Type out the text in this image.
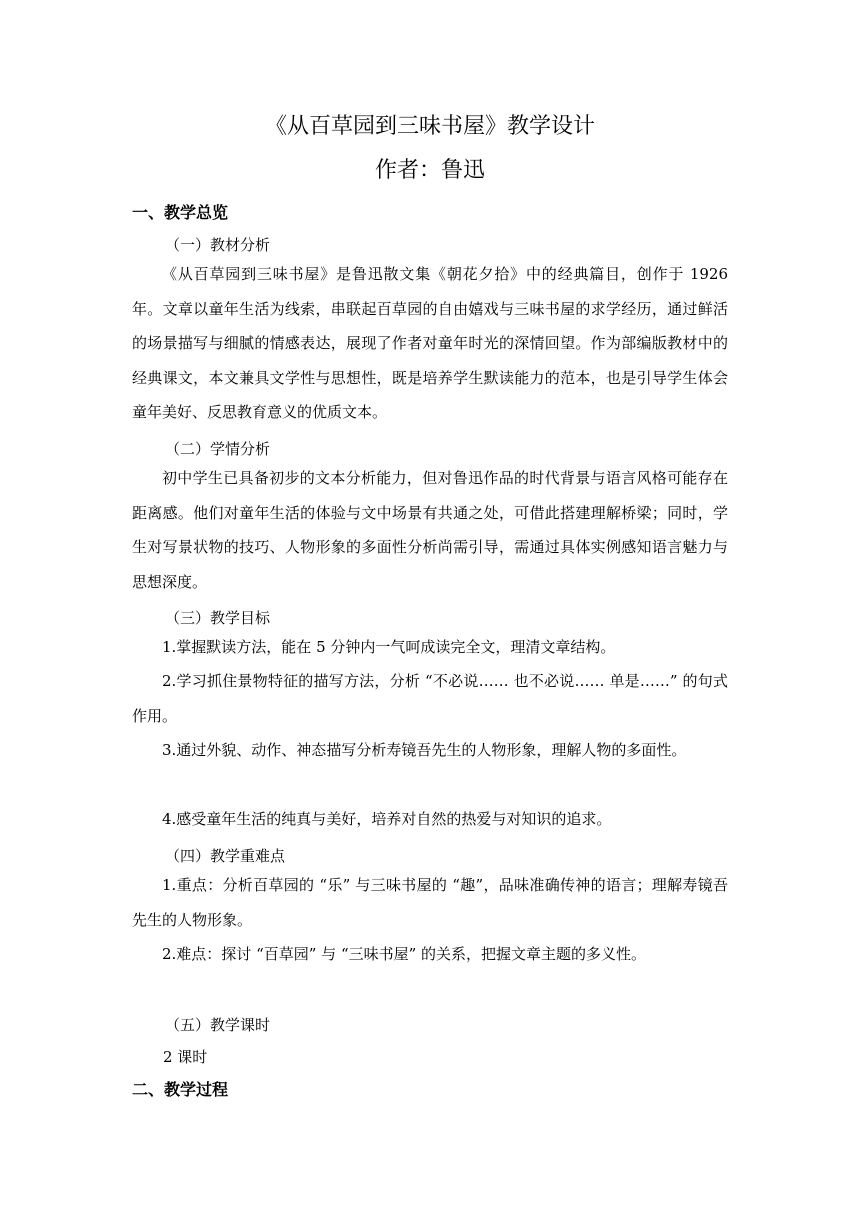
《从百草园到三味书屋》教学设计
作者：鲁迅
一、教学总览
（一）教材分析

《从百草园到三味书屋》是鲁迅散文集《朝花夕拾》中的经典篇目，创作于 1926 年。文章以童年生活为线索，串联起百草园的自由嬉戏与三味书屋的求学经历，通过鲜活的场景描写与细腻的情感表达，展现了作者对童年时光的深情回望。作为部编版教材中的经典课文，本文兼具文学性与思想性，既是培养学生默读能力的范本，也是引导学生体会童年美好、反思教育意义的优质文本。

（二）学情分析

初中学生已具备初步的文本分析能力，但对鲁迅作品的时代背景与语言风格可能存在距离感。他们对童年生活的体验与文中场景有共通之处，可借此搭建理解桥梁；同时，学生对写景状物的技巧、人物形象的多面性分析尚需引导，需通过具体实例感知语言魅力与思想深度。

（三）教学目标

1.掌握默读方法，能在 5 分钟内一气呵成读完全文，理清文章结构。

2.学习抓住景物特征的描写方法，分析 “不必说…… 也不必说…… 单是……” 的句式作用。

3.通过外貌、动作、神态描写分析寿镜吾先生的人物形象，理解人物的多面性。

4.感受童年生活的纯真与美好，培养对自然的热爱与对知识的追求。

（四）教学重难点

1.重点：分析百草园的 “乐” 与三味书屋的 “趣”，品味准确传神的语言；理解寿镜吾先生的人物形象。

2.难点：探讨 “百草园” 与 “三味书屋” 的关系，把握文章主题的多义性。

（五）教学课时
2 课时
二、教学过程
